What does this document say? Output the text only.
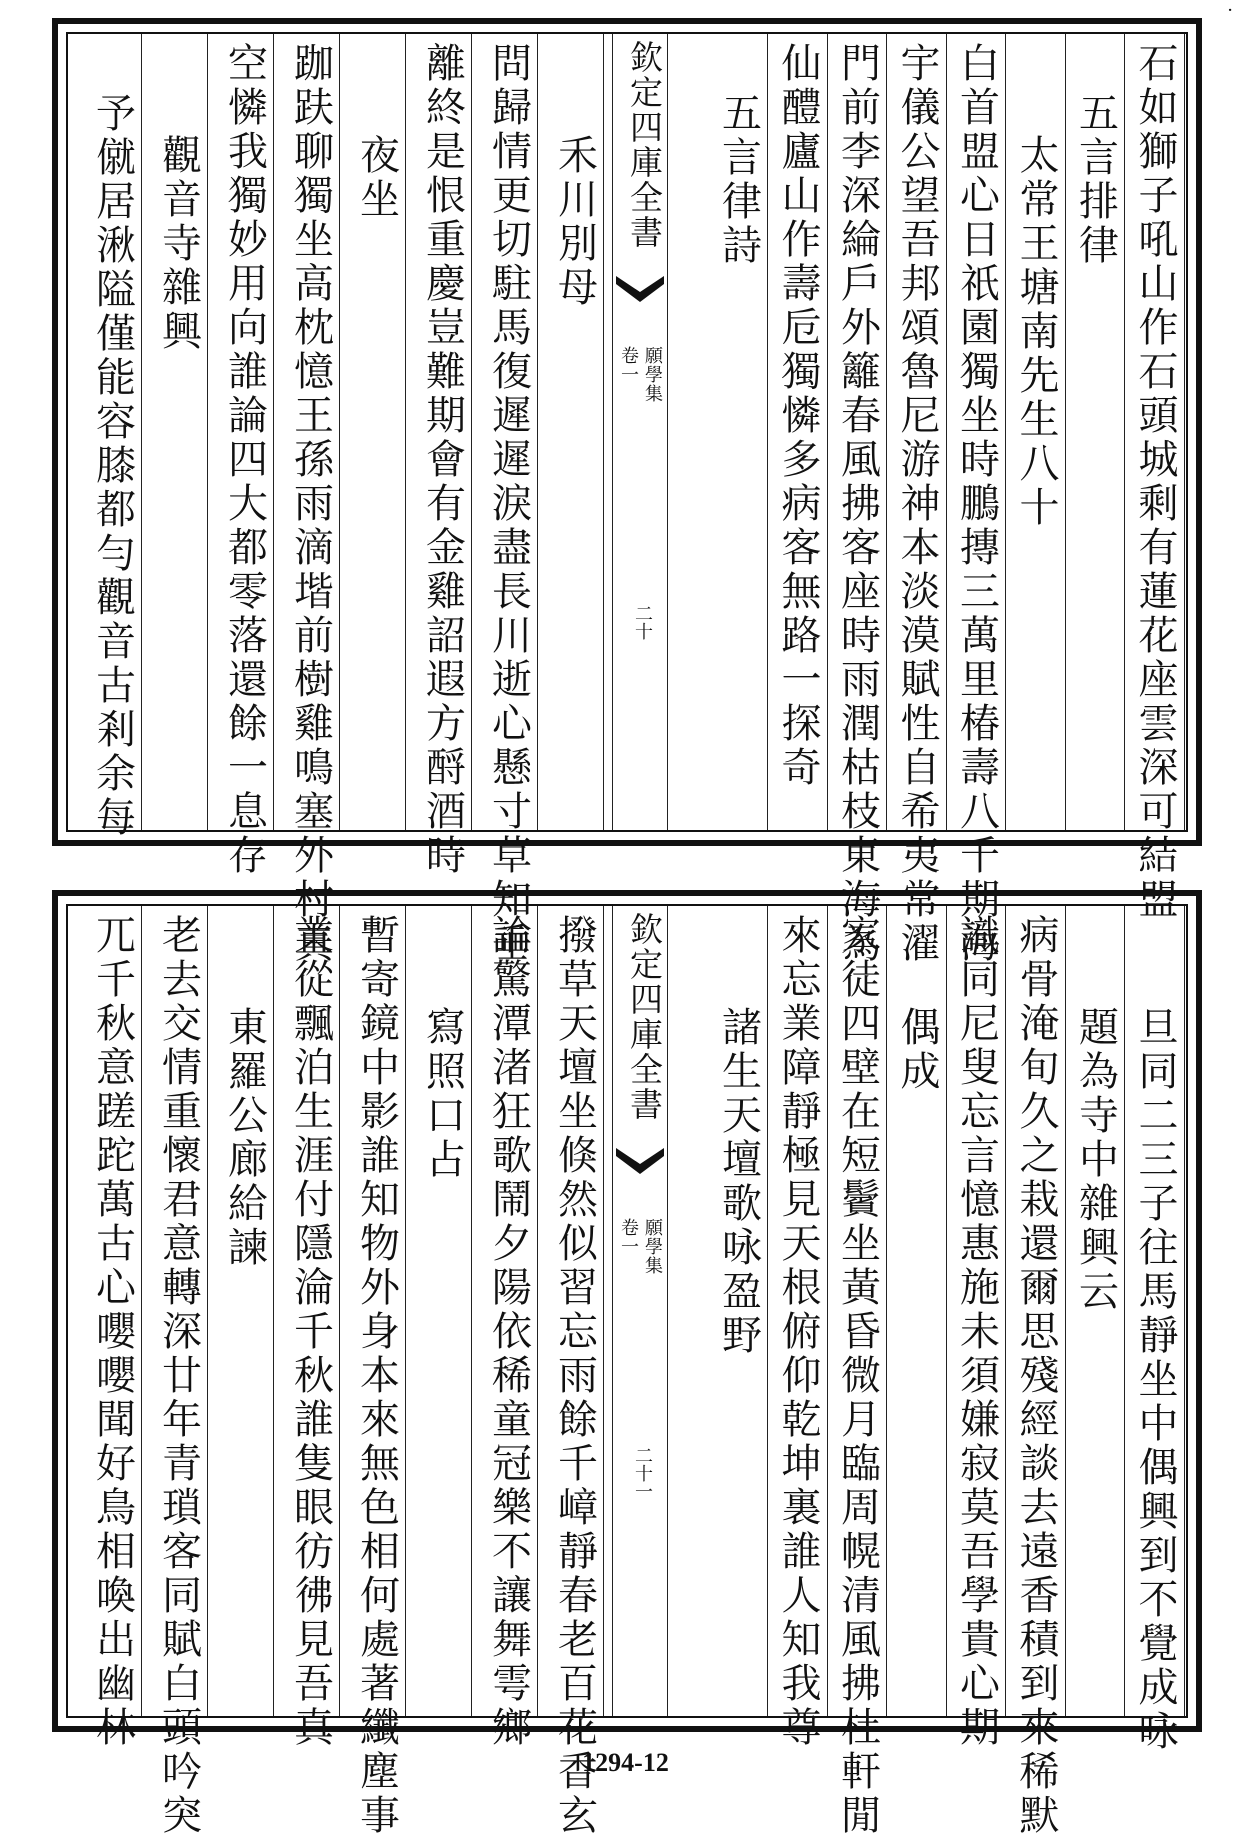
·
欽定四庫全書
願學集
卷一
二十	石如獅子吼山作石頭城剩有蓮花座雲深可結盟
五言排律
太常王塘南先生八十
白首盟心日祇園獨坐時鵬摶三萬里椿壽八千期海
宇儀公望吾邦頌魯尼游神本淡漠賦性自希夷常濯
門前李深綸戶外籬春風拂客座時雨潤枯枝東海為
仙醴廬山作壽卮獨憐多病客無路一探奇
五言律詩
禾川別母
問歸情更切駐馬復遲遲淚盡長川逝心懸寸草知垂
離終是恨重慶豈難期會有金雞詔遐方酹酒時
夜坐
跏趺聊獨坐高枕憶王孫雨滴堦前樹雞鳴塞外村真
空憐我獨妙用向誰論四大都零落還餘一息存
觀音寺雜興
予僦居湫隘僅能容膝都勻觀音古剎余每
欽定四庫全書
願學集
卷一
二十一	旦同二三子往馬靜坐中偶興到不覺成咏
題為寺中雜興云
病骨淹旬久之栽還爾思殘經談去遠香積到來稀默
識同尼叟忘言憶惠施未須嫌寂莫吾學貴心期
偶成
家徒四壁在短鬢坐黃昏微月臨周幌清風拂杜軒閒
來忘業障靜極見天根俯仰乾坤裏誰人知我尊
諸生天壇歌咏盈野
撥草天壇坐倏然似習忘雨餘千嶂靜春老百花香玄
論驚潭渚狂歌鬧夕陽依稀童冠樂不讓舞雩鄉
寫照口占
暫寄鏡中影誰知物外身本來無色相何處著纖塵事
業從飄泊生涯付隱淪千秋誰隻眼彷彿見吾真
東羅公廊給諫
老去交情重懷君意轉深廿年青瑣客同賦白頭吟突
兀千秋意蹉跎萬古心嚶嚶聞好鳥相喚出幽林
1294-12
